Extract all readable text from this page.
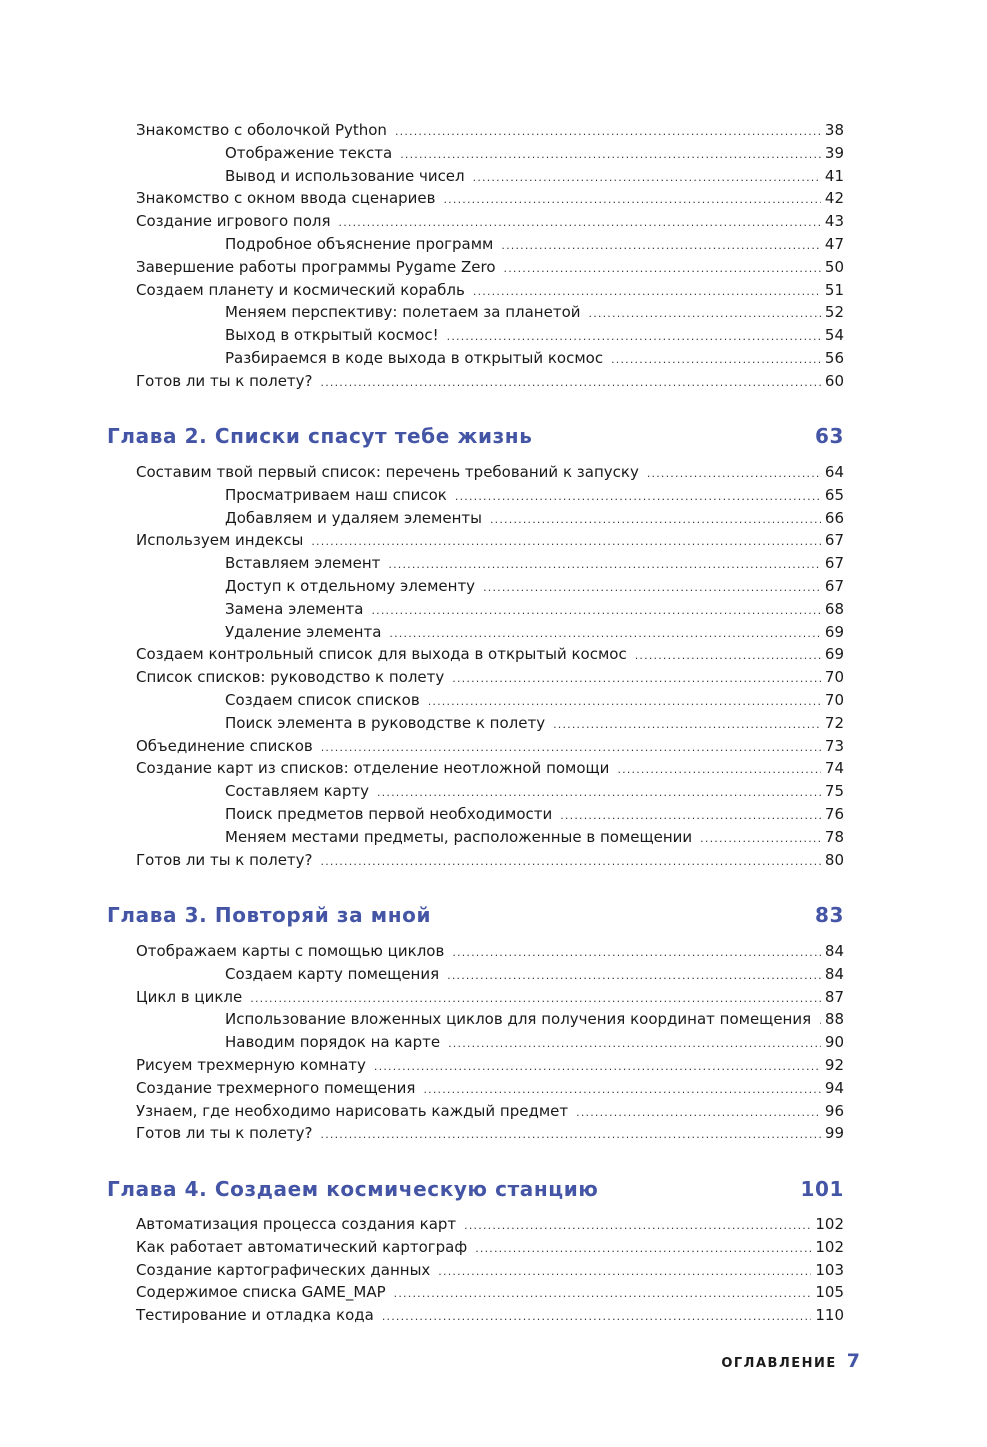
Знакомство с оболочкой Python .....	38
Отображение текста .....	39
Вывод и использование чисел .....	41
Знакомство с окном ввода сценариев .....	42
Создание игрового поля .....	43
Подробное объяснение программ .....	47
Завершение работы программы Pygame Zero .....	50
Создаем планету и космический корабль .....	51
Меняем перспективу: полетаем за планетой .....	52
Выход в открытый космос! .....	54
Разбираемся в коде выхода в открытый космос .....	56
Готов ли ты к полету? .....	60
Глава 2. Списки спасут тебе жизнь	63
Составим твой первый список: перечень требований к запуску .....	64
Просматриваем наш список .....	65
Добавляем и удаляем элементы .....	66
Используем индексы .....	67
Вставляем элемент .....	67
Доступ к отдельному элементу .....	67
Замена элемента .....	68
Удаление элемента .....	69
Создаем контрольный список для выхода в открытый космос .....	69
Список списков: руководство к полету .....	70
Создаем список списков .....	70
Поиск элемента в руководстве к полету .....	72
Объединение списков .....	73
Создание карт из списков: отделение неотложной помощи .....	74
Составляем карту .....	75
Поиск предметов первой необходимости .....	76
Меняем местами предметы, расположенные в помещении .....	78
Готов ли ты к полету? .....	80
Глава 3. Повторяй за мной	83
Отображаем карты с помощью циклов .....	84
Создаем карту помещения .....	84
Цикл в цикле .....	87
Использование вложенных циклов для получения координат помещения ..... 88
Наводим порядок на карте .....	90
Рисуем трехмерную комнату .....	92
Создание трехмерного помещения .....	94
Узнаем, где необходимо нарисовать каждый предмет .....	96
Готов ли ты к полету? .....	99
Глава 4. Создаем космическую станцию	101
Автоматизация процесса создания карт .....	102
Как работает автоматический картограф .....	102
Создание картографических данных .....	103
Содержимое списка GAME_MAP .....	105
Тестирование и отладка кода .....	110
ОГЛАВЛЕНИЕ 7
